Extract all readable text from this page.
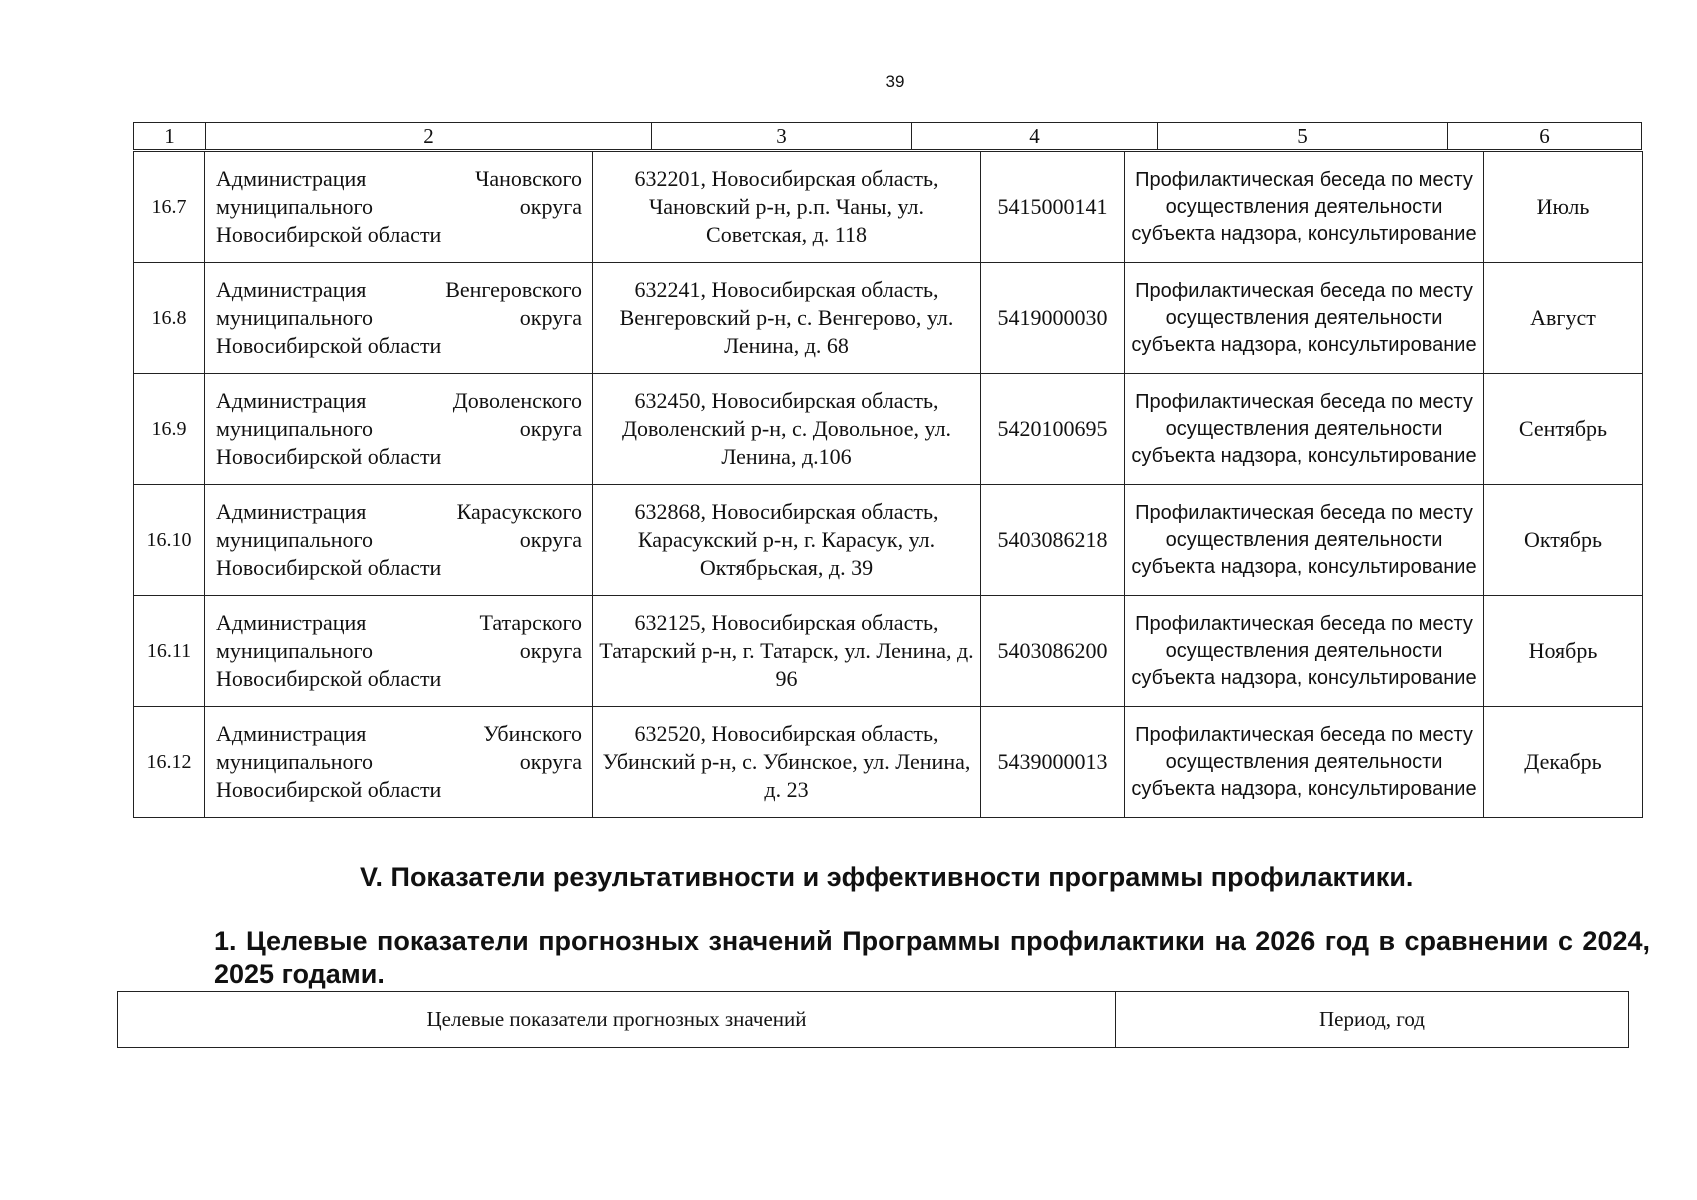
39
1	2	3	4	5	6
16.7	Администрация Чановского муниципального округа Новосибирской области	632201, Новосибирская область, Чановский р-н, р.п. Чаны, ул. Советская, д. 118	5415000141	Профилактическая беседа по месту осуществления деятельности субъекта надзора, консультирование	Июль
16.8	Администрация Венгеровского муниципального округа Новосибирской области	632241, Новосибирская область, Венгеровский р-н, с. Венгерово, ул. Ленина, д. 68	5419000030	Профилактическая беседа по месту осуществления деятельности субъекта надзора, консультирование	Август
16.9	Администрация Доволенского муниципального округа Новосибирской области	632450, Новосибирская область, Доволенский р-н, с. Довольное, ул. Ленина, д.106	5420100695	Профилактическая беседа по месту осуществления деятельности субъекта надзора, консультирование	Сентябрь
16.10	Администрация Карасукского муниципального округа Новосибирской области	632868, Новосибирская область, Карасукский р-н, г. Карасук, ул. Октябрьская, д. 39	5403086218	Профилактическая беседа по месту осуществления деятельности субъекта надзора, консультирование	Октябрь
16.11	Администрация Татарского муниципального округа Новосибирской области	632125, Новосибирская область, Татарский р-н, г. Татарск, ул. Ленина, д. 96	5403086200	Профилактическая беседа по месту осуществления деятельности субъекта надзора, консультирование	Ноябрь
16.12	Администрация Убинского муниципального округа Новосибирской области	632520, Новосибирская область, Убинский р-н, с. Убинское, ул. Ленина, д. 23	5439000013	Профилактическая беседа по месту осуществления деятельности субъекта надзора, консультирование	Декабрь
V. Показатели результативности и эффективности программы профилактики.
1. Целевые показатели прогнозных значений Программы профилактики на 2026 год в сравнении с 2024, 2025 годами.
Целевые показатели прогнозных значений	Период, год
